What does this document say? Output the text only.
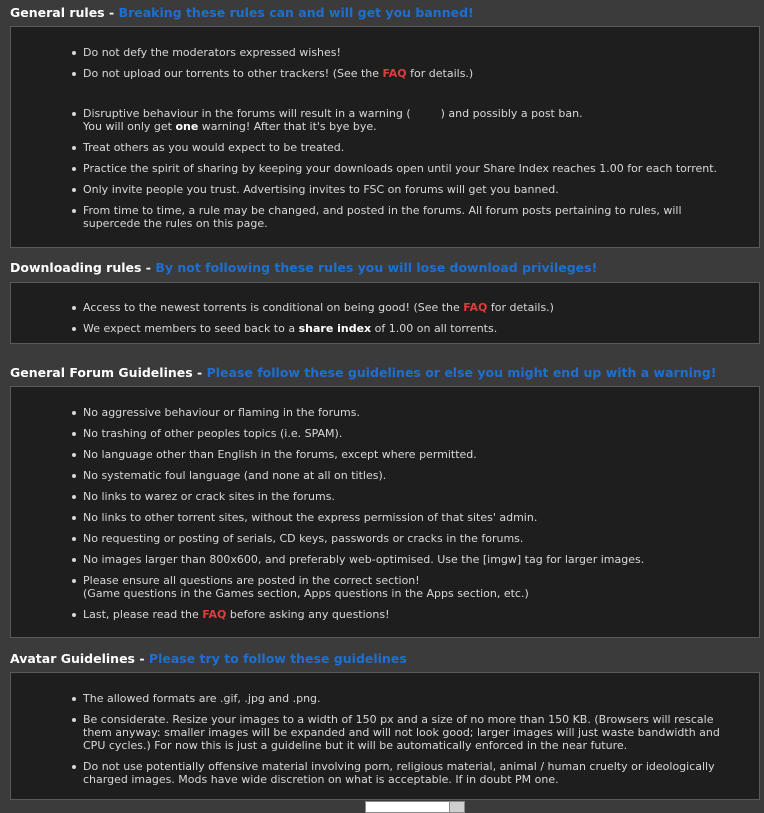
General rules - Breaking these rules can and will get you banned!
Do not defy the moderators expressed wishes!
Do not upload our torrents to other trackers! (See the FAQ for details.)
Disruptive behaviour in the forums will result in a warning (	) and possibly a post ban.
You will only get one warning! After that it's bye bye.
Treat others as you would expect to be treated.
Practice the spirit of sharing by keeping your downloads open until your Share Index reaches 1.00 for each torrent.
Only invite people you trust. Advertising invites to FSC on forums will get you banned.
From time to time, a rule may be changed, and posted in the forums. All forum posts pertaining to rules, will supercede the rules on this page.
Downloading rules - By not following these rules you will lose download privileges!
Access to the newest torrents is conditional on being good! (See the FAQ for details.)
We expect members to seed back to a share index of 1.00 on all torrents.
General Forum Guidelines - Please follow these guidelines or else you might end up with a warning!
No aggressive behaviour or flaming in the forums.
No trashing of other peoples topics (i.e. SPAM).
No language other than English in the forums, except where permitted.
No systematic foul language (and none at all on titles).
No links to warez or crack sites in the forums.
No links to other torrent sites, without the express permission of that sites' admin.
No requesting or posting of serials, CD keys, passwords or cracks in the forums.
No images larger than 800x600, and preferably web-optimised. Use the [imgw] tag for larger images.
Please ensure all questions are posted in the correct section!
(Game questions in the Games section, Apps questions in the Apps section, etc.)
Last, please read the FAQ before asking any questions!
Avatar Guidelines - Please try to follow these guidelines
The allowed formats are .gif, .jpg and .png.
Be considerate. Resize your images to a width of 150 px and a size of no more than 150 KB. (Browsers will rescale them anyway: smaller images will be expanded and will not look good; larger images will just waste bandwidth and CPU cycles.) For now this is just a guideline but it will be automatically enforced in the near future.
Do not use potentially offensive material involving porn, religious material, animal / human cruelty or ideologically charged images. Mods have wide discretion on what is acceptable. If in doubt PM one.
